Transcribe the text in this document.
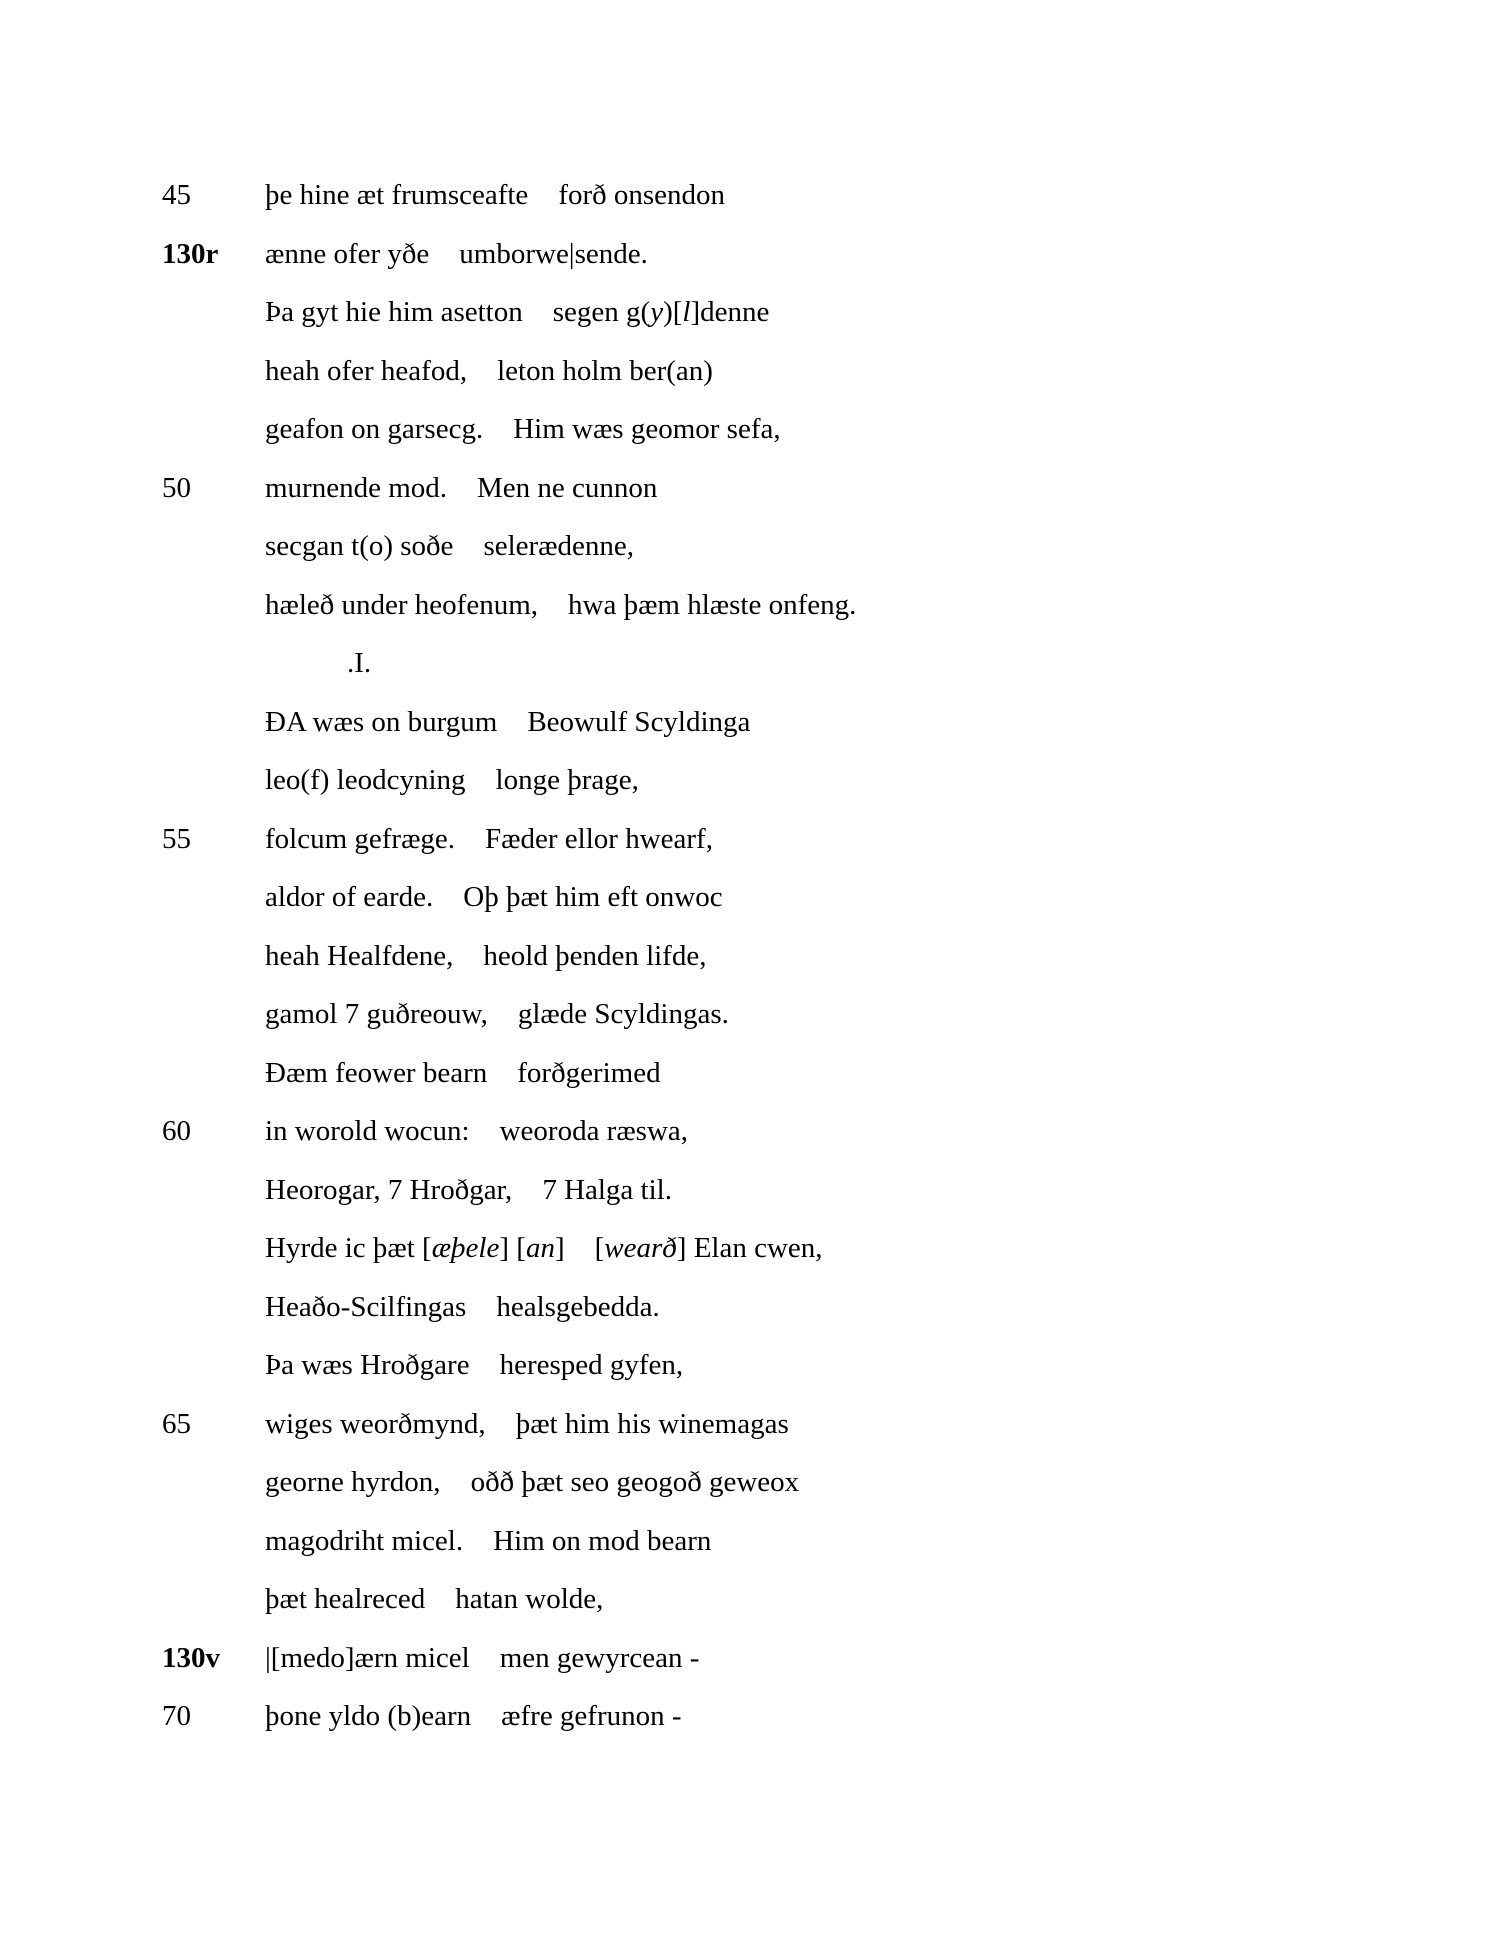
45	þe hine æt frumsceafte forð onsendon
130r ænne ofer yðe umborwe|sende.
Þa gyt hie him asetton segen g(y)[l]denne
heah ofer heafod, leton holm ber(an)
geafon on garsecg. Him wæs geomor sefa,
50	murnende mod. Men ne cunnon
secgan t(o) soðe selerædenne,
hæleð under heofenum, hwa þæm hlæste onfeng.
.I.
ÐA wæs on burgum Beowulf Scyldinga
leo(f) leodcyning longe þrage,
55	folcum gefræge. Fæder ellor hwearf,
aldor of earde. Oþ þæt him eft onwoc
heah Healfdene, heold þenden lifde,
gamol 7 guðreouw, glæde Scyldingas.
Ðæm feower bearn forðgerimed
60	in worold wocun: weoroda ræswa,
Heorogar, 7 Hroðgar, 7 Halga til.
Hyrde ic þæt [æþele] [an] [wearð] Elan cwen,
Heaðo-Scilfingas healsgebedda.
Þa wæs Hroðgare heresped gyfen,
65	wiges weorðmynd, þæt him his winemagas
georne hyrdon, oðð þæt seo geogoð geweox
magodriht micel. Him on mod bearn
þæt healreced hatan wolde,
130v |[medo]ærn micel men gewyrcean -
70	þone yldo (b)earn æfre gefrunon -
